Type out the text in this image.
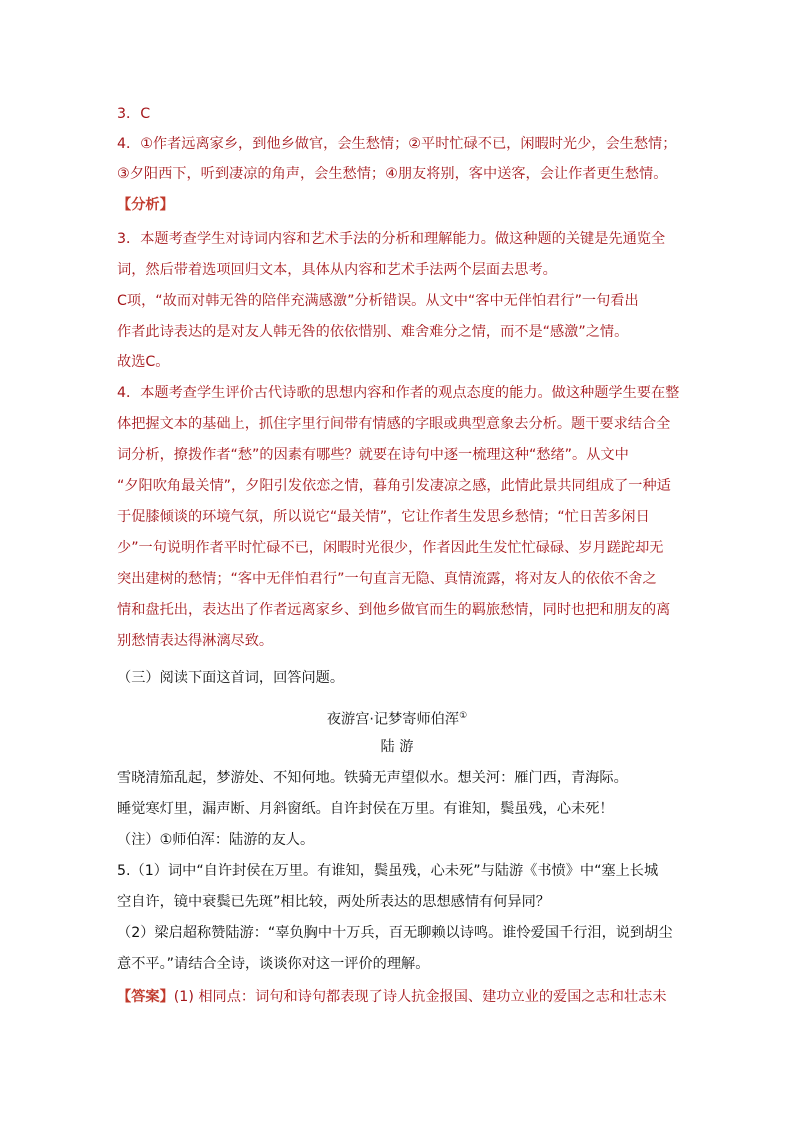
3．C
4．①作者远离家乡，到他乡做官，会生愁情；②平时忙碌不已，闲暇时光少，会生愁情；
③夕阳西下，听到凄凉的角声，会生愁情；④朋友将别，客中送客，会让作者更生愁情。
【分析】
3．本题考查学生对诗词内容和艺术手法的分析和理解能力。做这种题的关键是先通览全
词，然后带着选项回归文本，具体从内容和艺术手法两个层面去思考。
C项，“故而对韩无咎的陪伴充满感激”分析错误。从文中“客中无伴怕君行”一句看出
作者此诗表达的是对友人韩无咎的依依惜别、难舍难分之情，而不是“感激”之情。
故选C。
4．本题考查学生评价古代诗歌的思想内容和作者的观点态度的能力。做这种题学生要在整
体把握文本的基础上，抓住字里行间带有情感的字眼或典型意象去分析。题干要求结合全
词分析，撩拨作者“愁”的因素有哪些？就要在诗句中逐一梳理这种“愁绪”。从文中
“夕阳吹角最关情”，夕阳引发依恋之情，暮角引发凄凉之感，此情此景共同组成了一种适
于促膝倾谈的环境气氛，所以说它“最关情”，它让作者生发思乡愁情；“忙日苦多闲日
少”一句说明作者平时忙碌不已，闲暇时光很少，作者因此生发忙忙碌碌、岁月蹉跎却无
突出建树的愁情；“客中无伴怕君行”一句直言无隐、真情流露，将对友人的依依不舍之
情和盘托出，表达出了作者远离家乡、到他乡做官而生的羁旅愁情，同时也把和朋友的离
别愁情表达得淋漓尽致。
（三）阅读下面这首词，回答问题。
夜游宫·记梦寄师伯浑①
陆 游
雪晓清笳乱起，梦游处、不知何地。铁骑无声望似水。想关河：雁门西，青海际。
睡觉寒灯里，漏声断、月斜窗纸。自许封侯在万里。有谁知，鬓虽残，心未死！
（注）①师伯浑：陆游的友人。
5.（1）词中“自许封侯在万里。有谁知，鬓虽残，心未死”与陆游《书愤》中“塞上长城
空自许，镜中衰鬓已先斑”相比较，两处所表达的思想感情有何异同？
（2）梁启超称赞陆游：“辜负胸中十万兵，百无聊赖以诗鸣。谁怜爱国千行泪，说到胡尘
意不平。”请结合全诗，谈谈你对这一评价的理解。
【答案】(1) 相同点：词句和诗句都表现了诗人抗金报国、建功立业的爱国之志和壮志未
